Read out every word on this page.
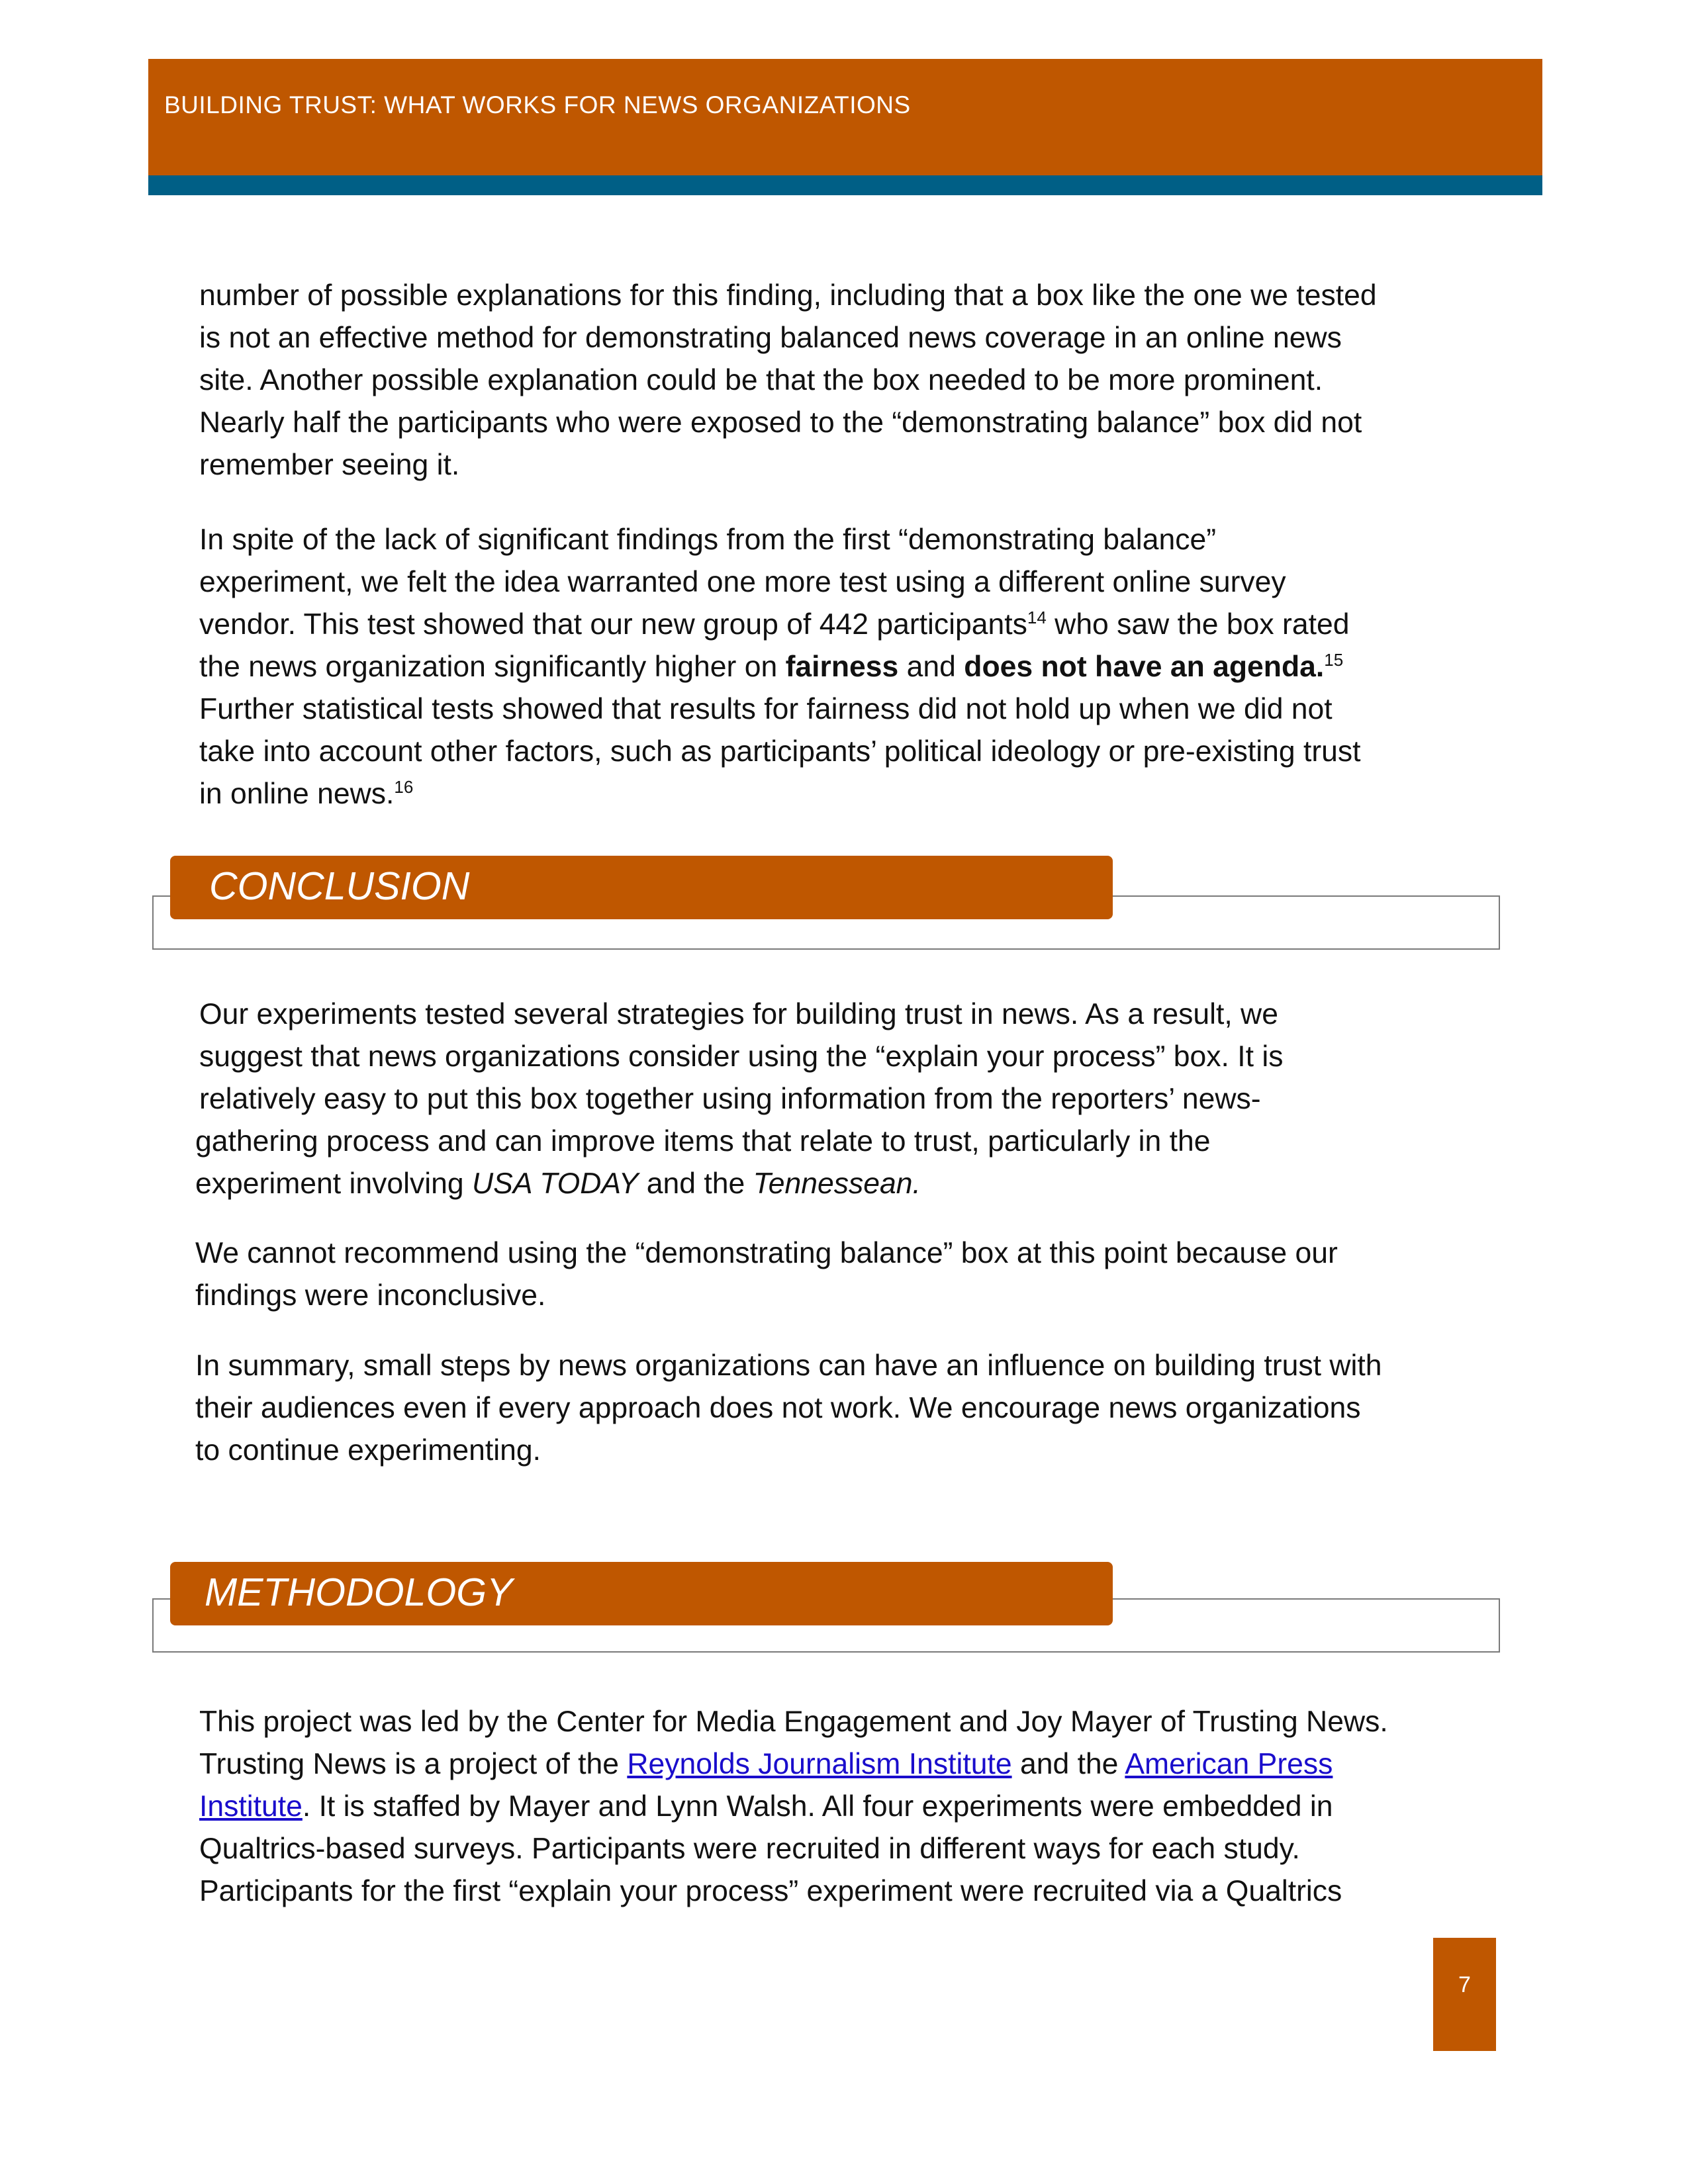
BUILDING TRUST: WHAT WORKS FOR NEWS ORGANIZATIONS

number of possible explanations for this finding, including that a box like the one we tested
is not an effective method for demonstrating balanced news coverage in an online news
site. Another possible explanation could be that the box needed to be more prominent.
Nearly half the participants who were exposed to the “demonstrating balance” box did not
remember seeing it.

In spite of the lack of significant findings from the first “demonstrating balance”
experiment, we felt the idea warranted one more test using a different online survey
vendor. This test showed that our new group of 442 participants$^{14}$ who saw the box rated
the news organization significantly higher on fairness and does not have an agenda.$^{15}$
Further statistical tests showed that results for fairness did not hold up when we did not
take into account other factors, such as participants’ political ideology or pre-existing trust
in online news.$^{16}$

CONCLUSION

Our experiments tested several strategies for building trust in news. As a result, we
suggest that news organizations consider using the “explain your process” box. It is
relatively easy to put this box together using information from the reporters’ news-
gathering process and can improve items that relate to trust, particularly in the
experiment involving USA TODAY and the Tennessean.

We cannot recommend using the “demonstrating balance” box at this point because our
findings were inconclusive.

In summary, small steps by news organizations can have an influence on building trust with
their audiences even if every approach does not work. We encourage news organizations
to continue experimenting.

METHODOLOGY

This project was led by the Center for Media Engagement and Joy Mayer of Trusting News.
Trusting News is a project of the Reynolds Journalism Institute and the American Press
Institute. It is staffed by Mayer and Lynn Walsh. All four experiments were embedded in
Qualtrics-based surveys. Participants were recruited in different ways for each study.
Participants for the first “explain your process” experiment were recruited via a Qualtrics

7
